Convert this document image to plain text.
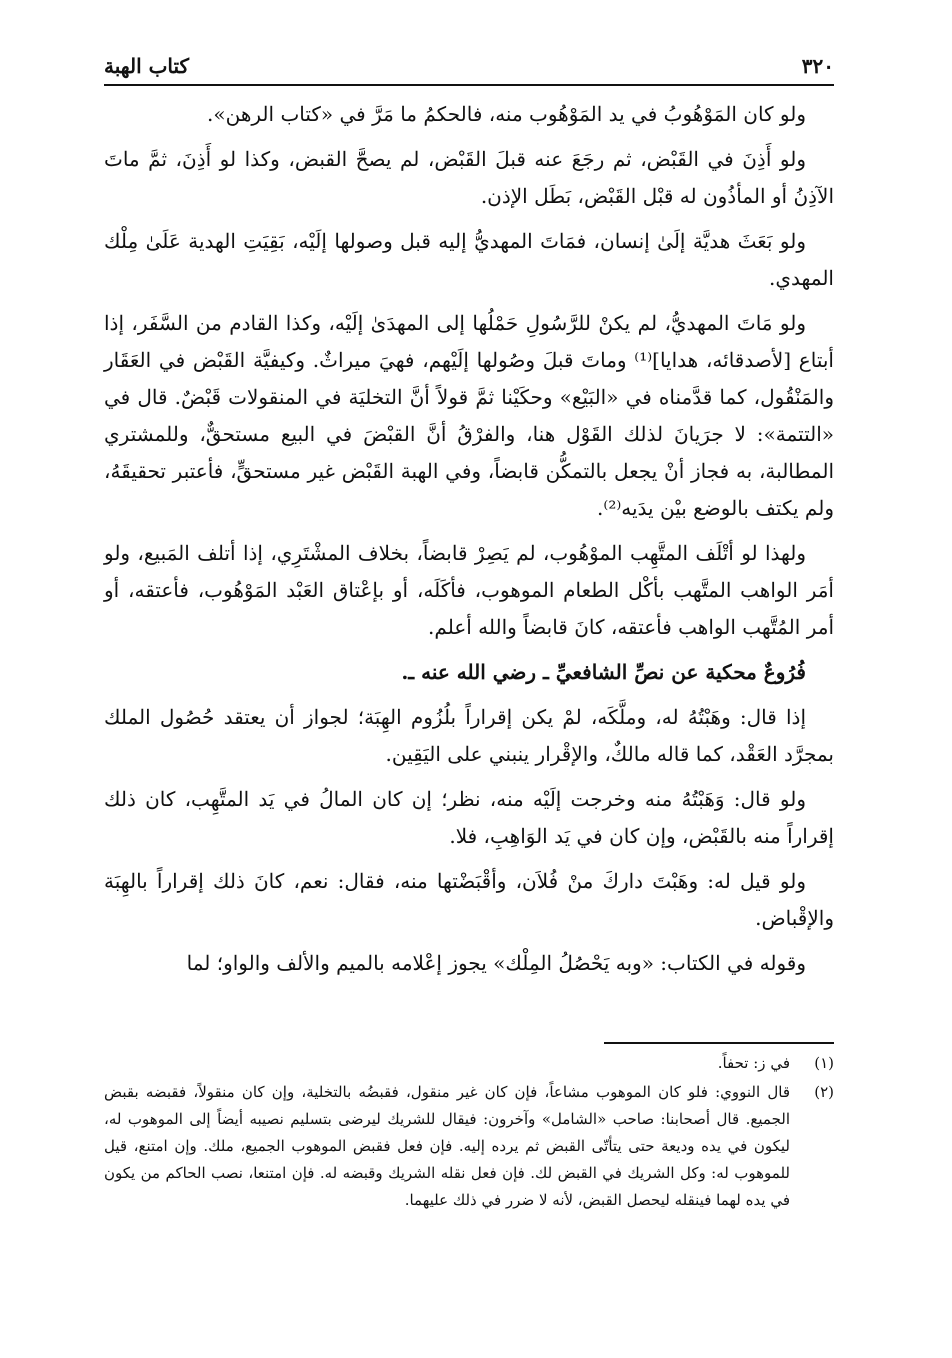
٣٢٠
كتاب الهبة

ولو كان المَوْهُوبُ في يد المَوْهُوب منه، فالحكمُ ما مَرَّ في «كتاب الرهن».

ولو أَذِنَ في القَبْض، ثم رجَعَ عنه قبلَ القَبْض، لم يصحَّ القبض، وكذا لو أَذِنَ، ثمَّ ماتَ الآذِنُ أو المأذُون له قبْل القَبْض، بَطَل الإذن.

ولو بَعَثَ هديَّة إلَىٰ إنسان، فمَاتَ المهديُّ إليه قبل وصولها إلَيْه، بَقِيَتِ الهدية عَلَىٰ مِلْك المهدي.

ولو مَاتَ المهديُّ، لم يكنْ للرَّسُولِ حَمْلُها إلى المهدَىٰ إلَيْه، وكذا القادم من السَّفَر، إذا أبتاع [لأصدقائه، هدايا]⁽¹⁾ وماتَ قبلَ وصُولها إلَيْهم، فهيَ ميراثٌ. وكيفيَّة القَبْض في العَقَار والمَنْقُول، كما قدَّمناه في «البَيْع» وحكَيْنا ثمَّ قولاً أنَّ التخليَة في المنقولات قَبْضٌ. قال في «التتمة»: لا جرَيانَ لذلك القَوْل هنا، والفرْقُ أنَّ القبْضَ في البيع مستحقٌّ، وللمشتري المطالبة، به فجاز أنْ يجعل بالتمكُّن قابضاً، وفي الهبة القَبْض غير مستحقٍّ، فأعتبر تحقيقَهُ، ولم يكتف بالوضع بيْن يدَيه⁽²⁾.

ولهذا لو أتْلَف المتَّهِب الموْهُوب، لم يَصِرْ قابضاً، بخلاف المشْتَرِي، إذا أتلف المَبيع، ولو أمَر الواهب المتَّهب بأكْل الطعام الموهوب، فأكَلَه، أو بإعْتاق العَبْد المَوْهُوب، فأعتقه، أو أمر المُتَّهب الواهب فأعتقه، كانَ قابضاً والله أعلم.

فُرُوعٌ محكية عن نصِّ الشافعيِّ ـ رضي الله عنه ـ.

إذا قال: وهَبْتُهُ له، وملَّكَه، لمْ يكن إقراراً بلُزُوم الهِبَة؛ لجواز أن يعتقد حُصُول الملك بمجرَّد العَقْد، كما قاله مالكٌ، والإقْرار ينبني على اليَقِين.

ولو قال: وَهَبْتُهُ منه وخرجت إلَيْه منه، نظر؛ إن كان المالُ في يَد المتَّهِب، كان ذلك إقراراً منه بالقَبْض، وإن كان في يَد الوَاهِبِ، فلا.

ولو قيل له: وهَبْتَ داركَ منْ فُلاَن، وأقْبَضْتها منه، فقال: نعم، كانَ ذلك إقراراً بالهِبَة والإقْباض.

وقوله في الكتاب: «وبه يَحْصُلُ المِلْك» يجوز إعْلامه بالميم والألف والواو؛ لما

(١)
في ز: تحفاً.
(٢)
قال النووي: فلو كان الموهوب مشاعاً، فإن كان غير منقول، فقبضُه بالتخلية، وإن كان منقولاً، فقبضه بقبض الجميع. قال أصحابنا: صاحب «الشامل» وآخرون: فيقال للشريك ليرضى بتسليم نصيبه أيضاً إلى الموهوب له، ليكون في يده وديعة حتى يتأتّى القبض ثم يرده إليه. فإن فعل فقبض الموهوب الجميع، ملك. وإن امتنع، قيل للموهوب له: وكل الشريك في القبض لك. فإن فعل نقله الشريك وقبضه له. فإن امتنعا، نصب الحاكم من يكون في يده لهما فينقله ليحصل القبض، لأنه لا ضرر في ذلك عليهما.
